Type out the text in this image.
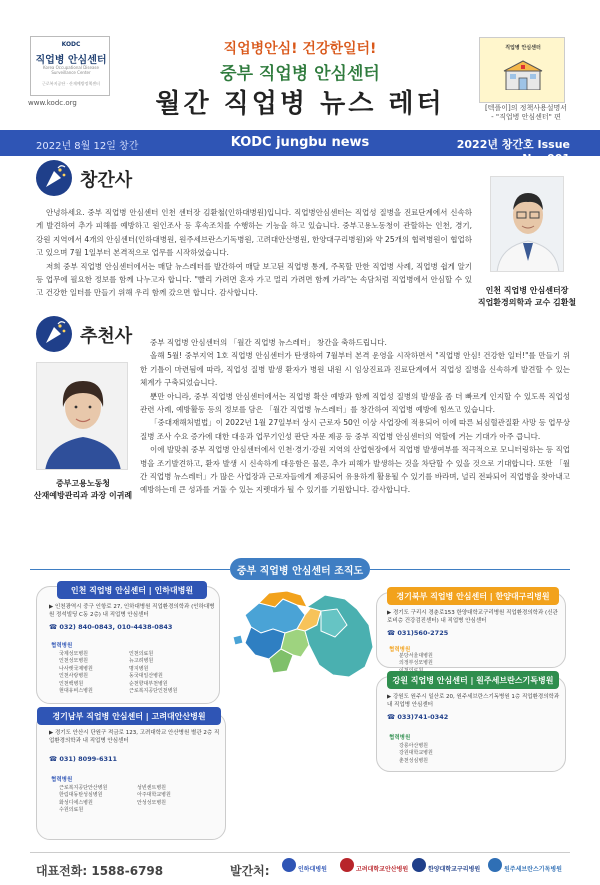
KODC
직업병 안심센터
Korea Occupational Disease Surveillance Center
근로복지공단 · 산재예방정책센터
www.kodc.org
직업병안심! 건강한일터!
중부 직업병 안심센터
월간 직업병 뉴스 레터
직업병 안심센터
[텍플이]의 정책사용설명서
- "직업병 안심센터" 편
2022년 8월 12일 창간	KODC jungbu news	2022년 창간호 Issue No. 001
창간사

안녕하세요. 중부 직업병 안심센터 인천 센터장 김환철(인하대병원)입니다. 직업병안심센터는 직업성 질병을 진료단계에서 신속하게 발견하여 추가 피해를 예방하고 원인조사 등 후속조치를 수행하는 기능을 하고 있습니다. 중부고용노동청이 관할하는 인천, 경기, 강원 지역에서 4개의 안심센터(인하대병원, 원주세브란스기독병원, 고려대안산병원, 한양대구리병원)와 약 25개의 협력병원이 협업하고 있으며 7월 1일부터 본격적으로 업무를 시작하였습니다.

저희 중부 직업병 안심센터에서는 매달 뉴스레터를 발간하여 매달 보고된 직업병 통계, 주목할 만한 직업병 사례, 직업병 쉽게 알기 등 업무에 필요한 정보를 함께 나누고자 합니다. "빨리 가려면 혼자 가고 멀리 가려면 함께 가라"는 속담처럼 직업병에서 안심할 수 있고 건강한 일터를 만들기 위해 우리 함께 갔으면 합니다. 감사합니다.	인천 직업병 안심센터장
직업환경의학과 교수 김환철
추천사
중부고용노동청
산재예방관리과 과장 이귀례

중부 직업병 안심센터의 「월간 직업병 뉴스레터」 창간을 축하드립니다.

올해 5월! 중부지역 1호 직업병 안심센터가 탄생하여 7월부터 본격 운영을 시작하면서 "직업병 안심! 건강한 일터!"를 만들기 위한 기틀이 마련됨에 따라, 직업성 질병 발생 환자가 병원 내원 시 임상진료과 진료단계에서 직업성 질병을 신속하게 발견할 수 있는 체계가 구축되었습니다.

뿐만 아니라, 중부 직업병 안심센터에서는 직업병 확산 예방과 함께 직업성 질병의 발생을 좀 더 빠르게 인지할 수 있도록 직업성 관련 사례, 예방활동 등의 정보를 담은 「월간 직업병 뉴스레터」를 창간하여 직업병 예방에 힘쓰고 있습니다.

「중대재해처벌법」이 2022년 1월 27일부터 상시 근로자 50인 이상 사업장에 적용되어 이에 따른 뇌심혈관질환 사망 등 업무상 질병 조사 수요 증가에 대한 대응과 업무기인성 판단 자문 제공 등 중부 직업병 안심센터의 역할에 거는 기대가 아주 큽니다.

이에 발맞춰 중부 직업병 안심센터에서 인천·경기·강원 지역의 산업현장에서 직업병 발생여부를 적극적으로 모니터링하는 등 직업병을 조기발견하고, 환자 발생 시 신속하게 대응함은 물론, 추가 피해가 발생하는 것을 차단할 수 있을 것으로 기대합니다. 또한 「월간 직업병 뉴스레터」가 많은 사업장과 근로자들에게 제공되어 유용하게 활용될 수 있기를 바라며, 널리 전파되어 직업병을 찾아내고 예방하는데 큰 성과를 거둘 수 있는 지렛대가 될 수 있기를 기원합니다. 감사합니다.

중부 직업병 안심센터 조직도
인천 직업병 안심센터 | 인하대병원
▶ 인천광역시 중구 인항로 27, 인하대병원 직업환경의학과 (인하대병원 정석빌딩 C동 2층) 내 직업병 안심센터
☎ 032) 840-0843, 010-4438-0843
협력병원
국제성모병원
인천성모병원
나사렛국제병원
인천사랑병원
인천백병원
현대유비스병원
인천의료원
뉴고려병원
명지병원
동국대일산병원
순천향대부천병원
근로복지공단인천병원
경기북부 직업병 안심센터 | 한양대구리병원
▶ 경기도 구리시 경춘로153 한양대학교구리병원 직업환경의학과 (신관 로비층 건강검진센터) 내 직업병 안심센터
☎ 031)560-2725
협력병원
분당서울대병원
의정부성모병원
강원 직업병 안심센터 | 원주세브란스기독병원
▶ 강원도 원주시 일산로 20, 원주세브란스기독병원 1층 직업환경의학과 내 직업병 안심센터
☎ 033)741-0342
협력병원
강릉아산병원
강원대학교병원
춘천성심병원
경기남부 직업병 안심센터 | 고려대안산병원
▶ 경기도 안산시 단원구 적금로 123, 고려대학교 안산병원 별관 2층 직업환경의학과 내 직업병 안심센터
☎ 031) 8099-6311
협력병원
근로복지공단안산병원
한림대동탄성심병원
화성디에스병원
수원의료원
성빈센트병원
아주대학교병원
안성성모병원
대표전화: 1588-6798	발간처:	인하대병원	고려대학교안산병원	한양대학교구리병원	원주세브란스기독병원
